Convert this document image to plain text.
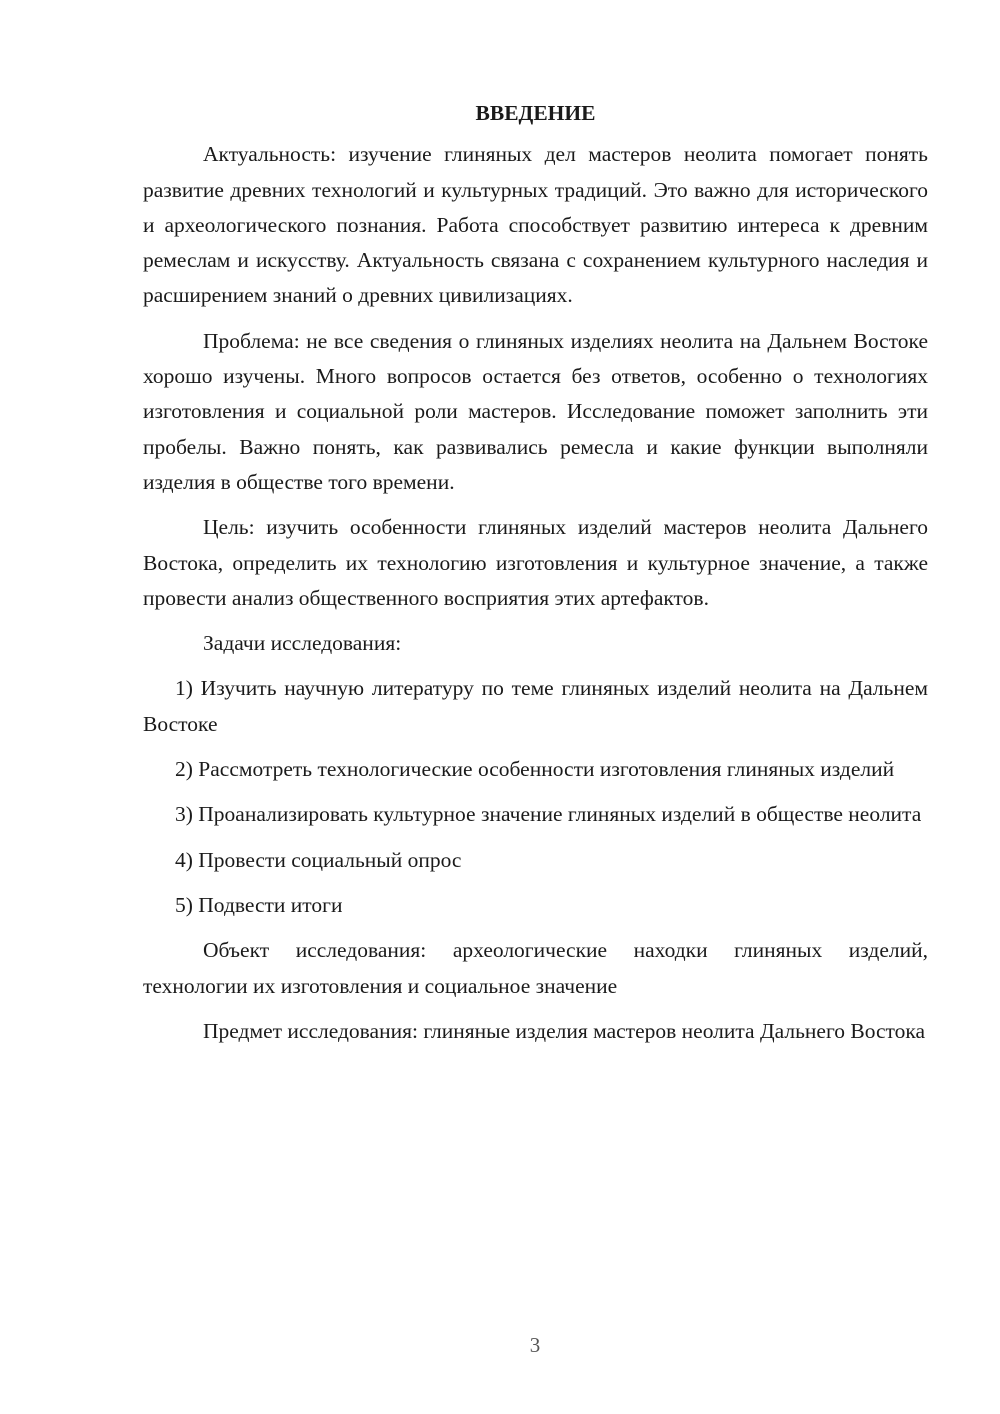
ВВЕДЕНИЕ

Актуальность: изучение глиняных дел мастеров неолита помогает понять развитие древних технологий и культурных традиций. Это важно для исторического и археологического познания. Работа способствует развитию интереса к древним ремеслам и искусству. Актуальность связана с сохранением культурного наследия и расширением знаний о древних цивилизациях.

Проблема: не все сведения о глиняных изделиях неолита на Дальнем Востоке хорошо изучены. Много вопросов остается без ответов, особенно о технологиях изготовления и социальной роли мастеров. Исследование поможет заполнить эти пробелы. Важно понять, как развивались ремесла и какие функции выполняли изделия в обществе того времени.

Цель: изучить особенности глиняных изделий мастеров неолита Дальнего Востока, определить их технологию изготовления и культурное значение, а также провести анализ общественного восприятия этих артефактов.

Задачи исследования:

1) Изучить научную литературу по теме глиняных изделий неолита на Дальнем Востоке

2) Рассмотреть технологические особенности изготовления глиняных изделий

3) Проанализировать культурное значение глиняных изделий в обществе неолита

4) Провести социальный опрос

5) Подвести итоги

Объект исследования: археологические находки глиняных изделий, технологии их изготовления и социальное значение

Предмет исследования: глиняные изделия мастеров неолита Дальнего Востока

3
